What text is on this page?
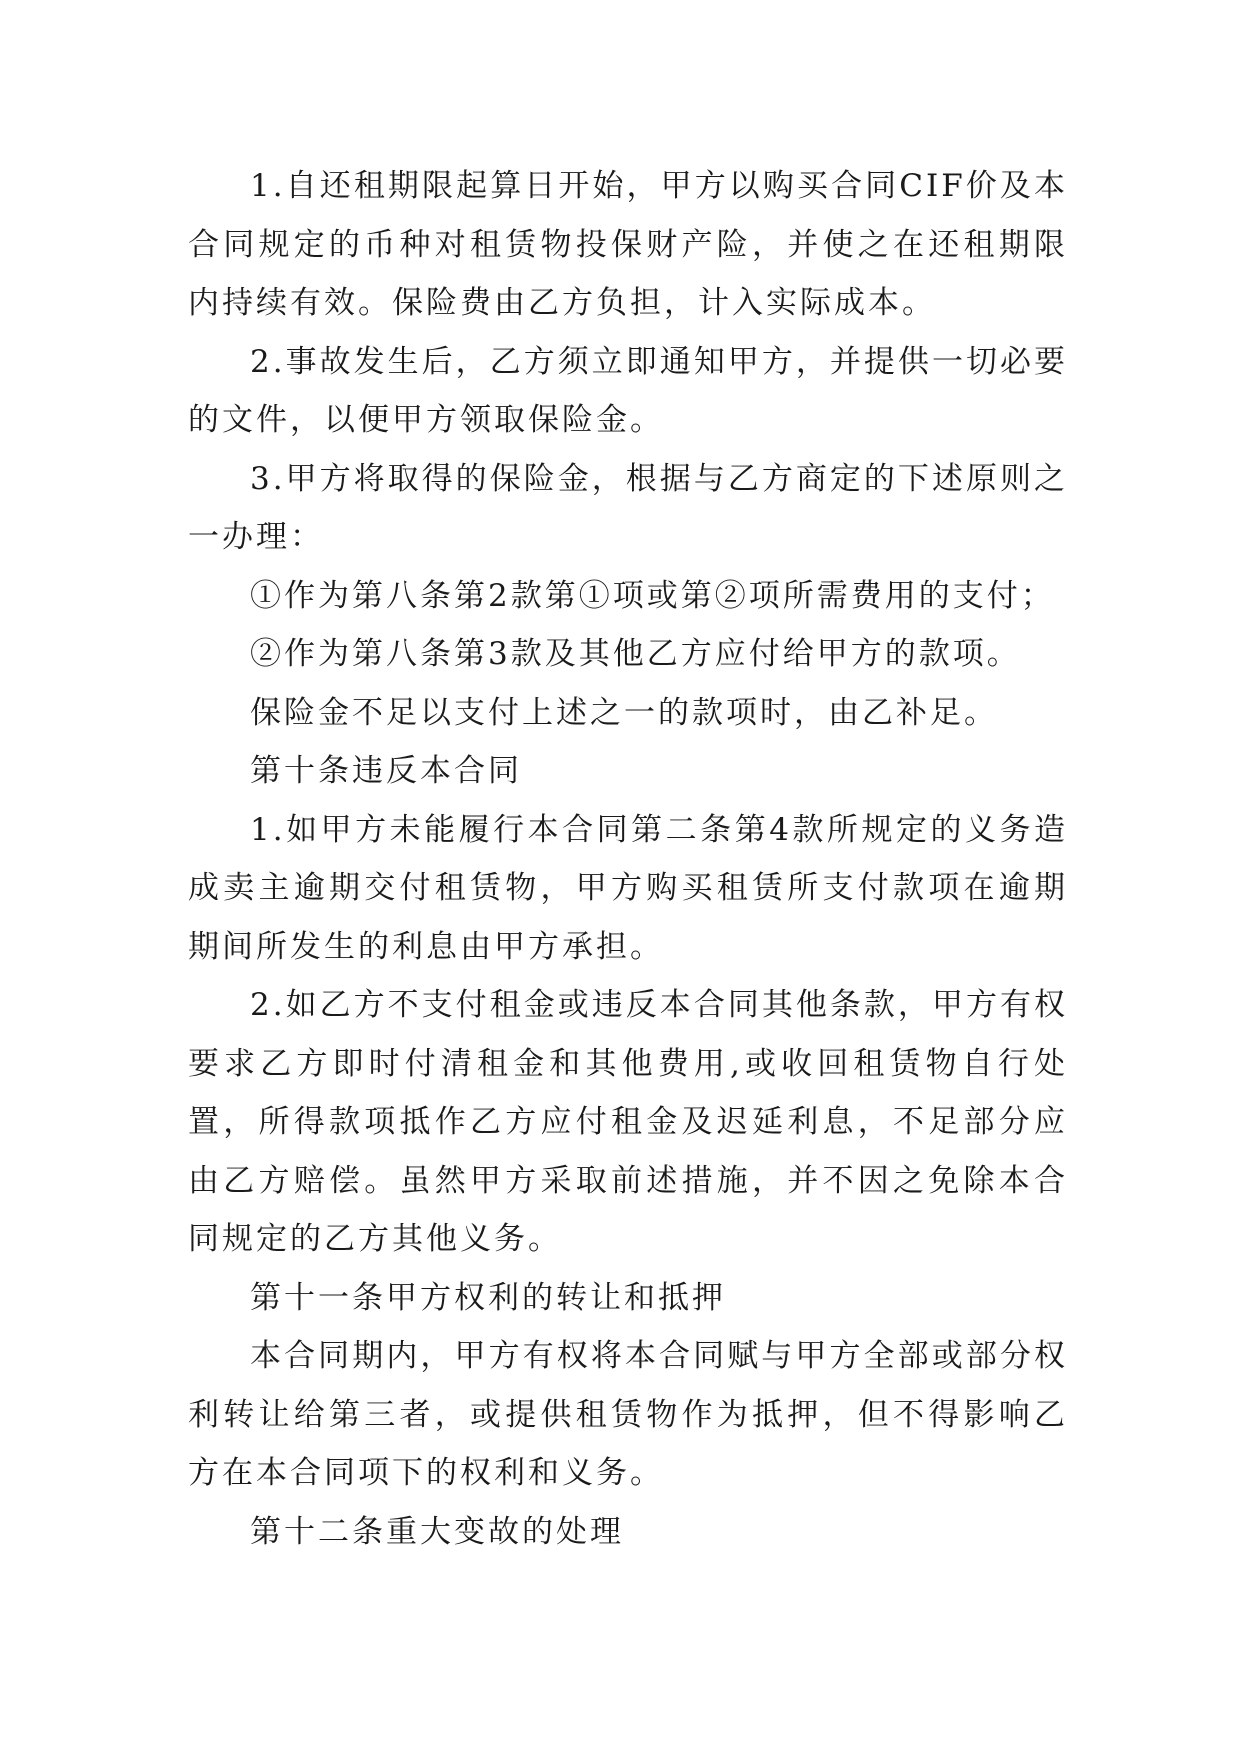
1.自还租期限起算日开始，甲方以购买合同CIF价及本合同规定的币种对租赁物投保财产险，并使之在还租期限内持续有效。保险费由乙方负担，计入实际成本。

2.事故发生后，乙方须立即通知甲方，并提供一切必要的文件，以便甲方领取保险金。

3.甲方将取得的保险金，根据与乙方商定的下述原则之一办理：

①作为第八条第2款第①项或第②项所需费用的支付；

②作为第八条第3款及其他乙方应付给甲方的款项。

保险金不足以支付上述之一的款项时，由乙补足。

第十条违反本合同

1.如甲方未能履行本合同第二条第4款所规定的义务造成卖主逾期交付租赁物，甲方购买租赁所支付款项在逾期期间所发生的利息由甲方承担。

2.如乙方不支付租金或违反本合同其他条款，甲方有权要求乙方即时付清租金和其他费用,或收回租赁物自行处置，所得款项抵作乙方应付租金及迟延利息，不足部分应由乙方赔偿。虽然甲方采取前述措施，并不因之免除本合同规定的乙方其他义务。

第十一条甲方权利的转让和抵押

本合同期内，甲方有权将本合同赋与甲方全部或部分权利转让给第三者，或提供租赁物作为抵押，但不得影响乙方在本合同项下的权利和义务。

第十二条重大变故的处理
